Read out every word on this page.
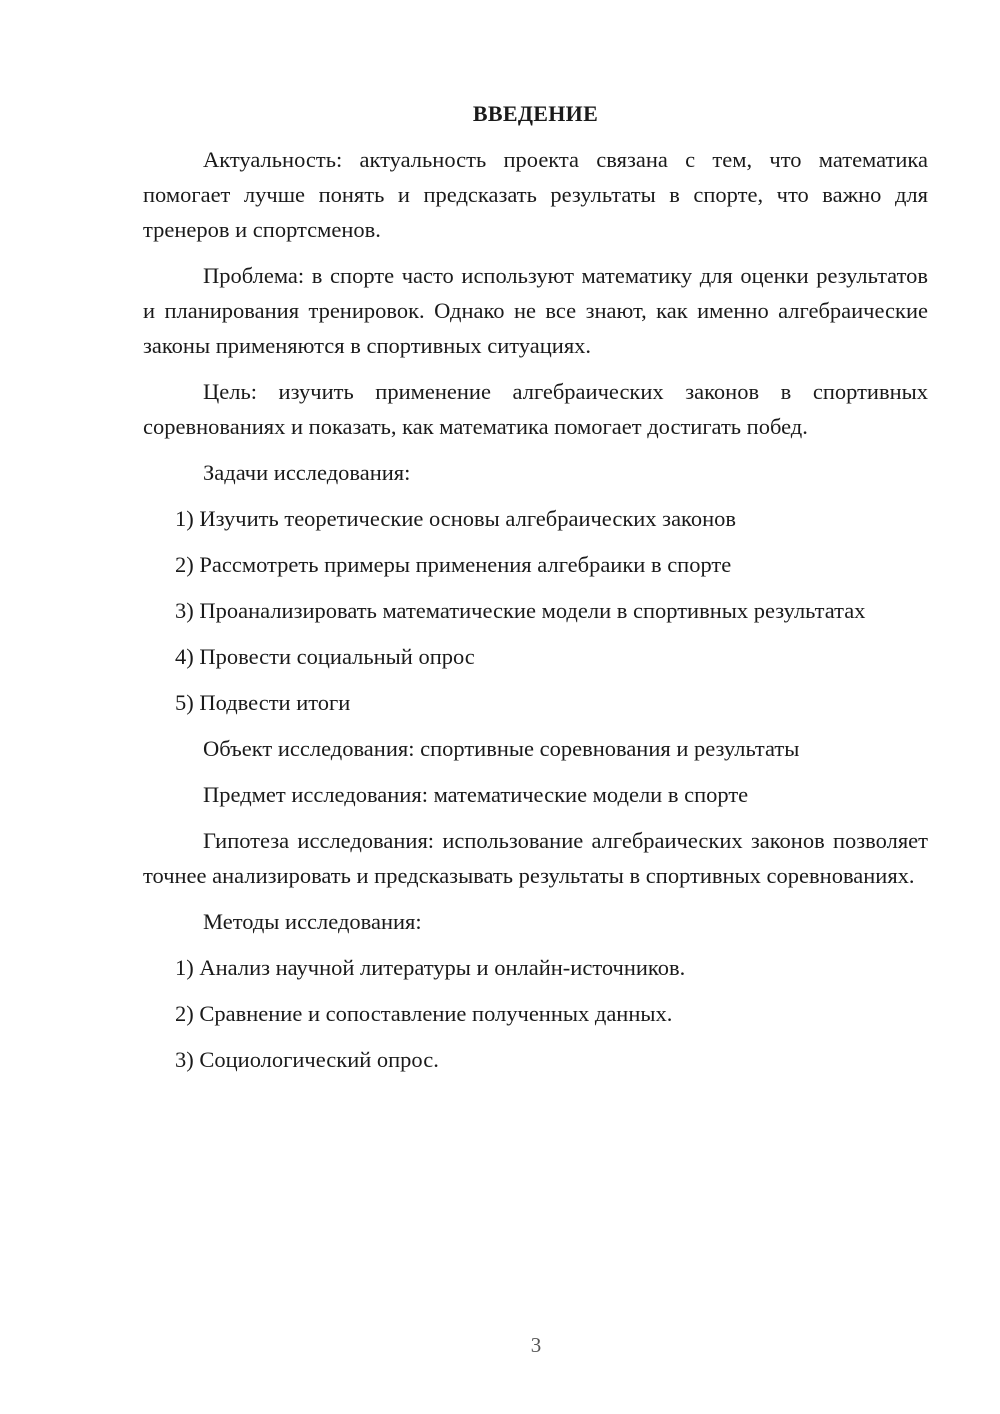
ВВЕДЕНИЕ

Актуальность: актуальность проекта связана с тем, что математика помогает лучше понять и предсказать результаты в спорте, что важно для тренеров и спортсменов.

Проблема: в спорте часто используют математику для оценки результатов и планирования тренировок. Однако не все знают, как именно алгебраические законы применяются в спортивных ситуациях.

Цель: изучить применение алгебраических законов в спортивных соревнованиях и показать, как математика помогает достигать побед.

Задачи исследования:

1) Изучить теоретические основы алгебраических законов

2) Рассмотреть примеры применения алгебраики в спорте

3) Проанализировать математические модели в спортивных результатах

4) Провести социальный опрос

5) Подвести итоги

Объект исследования: спортивные соревнования и результаты

Предмет исследования: математические модели в спорте

Гипотеза исследования: использование алгебраических законов позволяет точнее анализировать и предсказывать результаты в спортивных соревнованиях.

Методы исследования:

1) Анализ научной литературы и онлайн-источников.

2) Сравнение и сопоставление полученных данных.

3) Социологический опрос.

3
